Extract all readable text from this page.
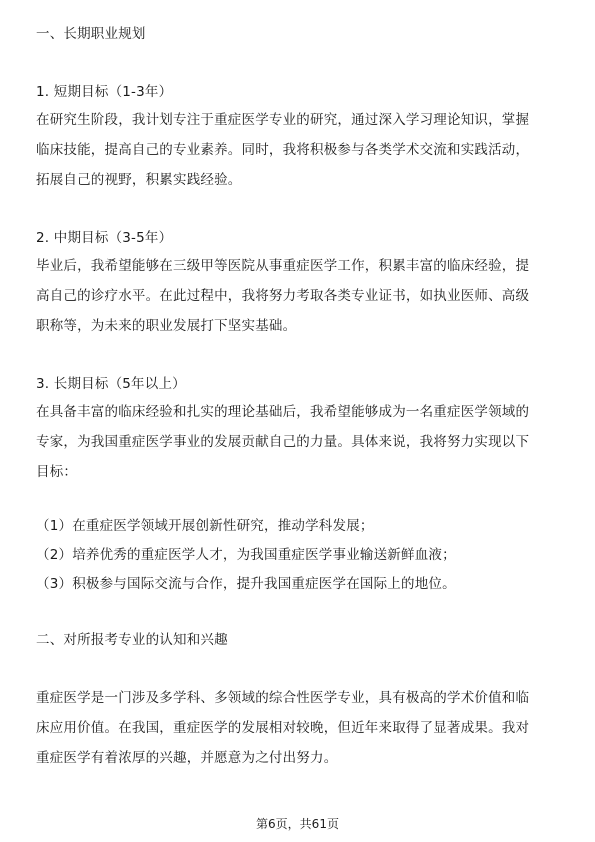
一、长期职业规划
1. 短期目标（1-3年）
在研究生阶段，我计划专注于重症医学专业的研究，通过深入学习理论知识，掌握
临床技能，提高自己的专业素养。同时，我将积极参与各类学术交流和实践活动，
拓展自己的视野，积累实践经验。
2. 中期目标（3-5年）
毕业后，我希望能够在三级甲等医院从事重症医学工作，积累丰富的临床经验，提
高自己的诊疗水平。在此过程中，我将努力考取各类专业证书，如执业医师、高级
职称等，为未来的职业发展打下坚实基础。
3. 长期目标（5年以上）
在具备丰富的临床经验和扎实的理论基础后，我希望能够成为一名重症医学领域的
专家，为我国重症医学事业的发展贡献自己的力量。具体来说，我将努力实现以下
目标：
（1）在重症医学领域开展创新性研究，推动学科发展；
（2）培养优秀的重症医学人才，为我国重症医学事业输送新鲜血液；
（3）积极参与国际交流与合作，提升我国重症医学在国际上的地位。
二、对所报考专业的认知和兴趣
重症医学是一门涉及多学科、多领域的综合性医学专业，具有极高的学术价值和临
床应用价值。在我国，重症医学的发展相对较晚，但近年来取得了显著成果。我对
重症医学有着浓厚的兴趣，并愿意为之付出努力。
第6页，共61页
